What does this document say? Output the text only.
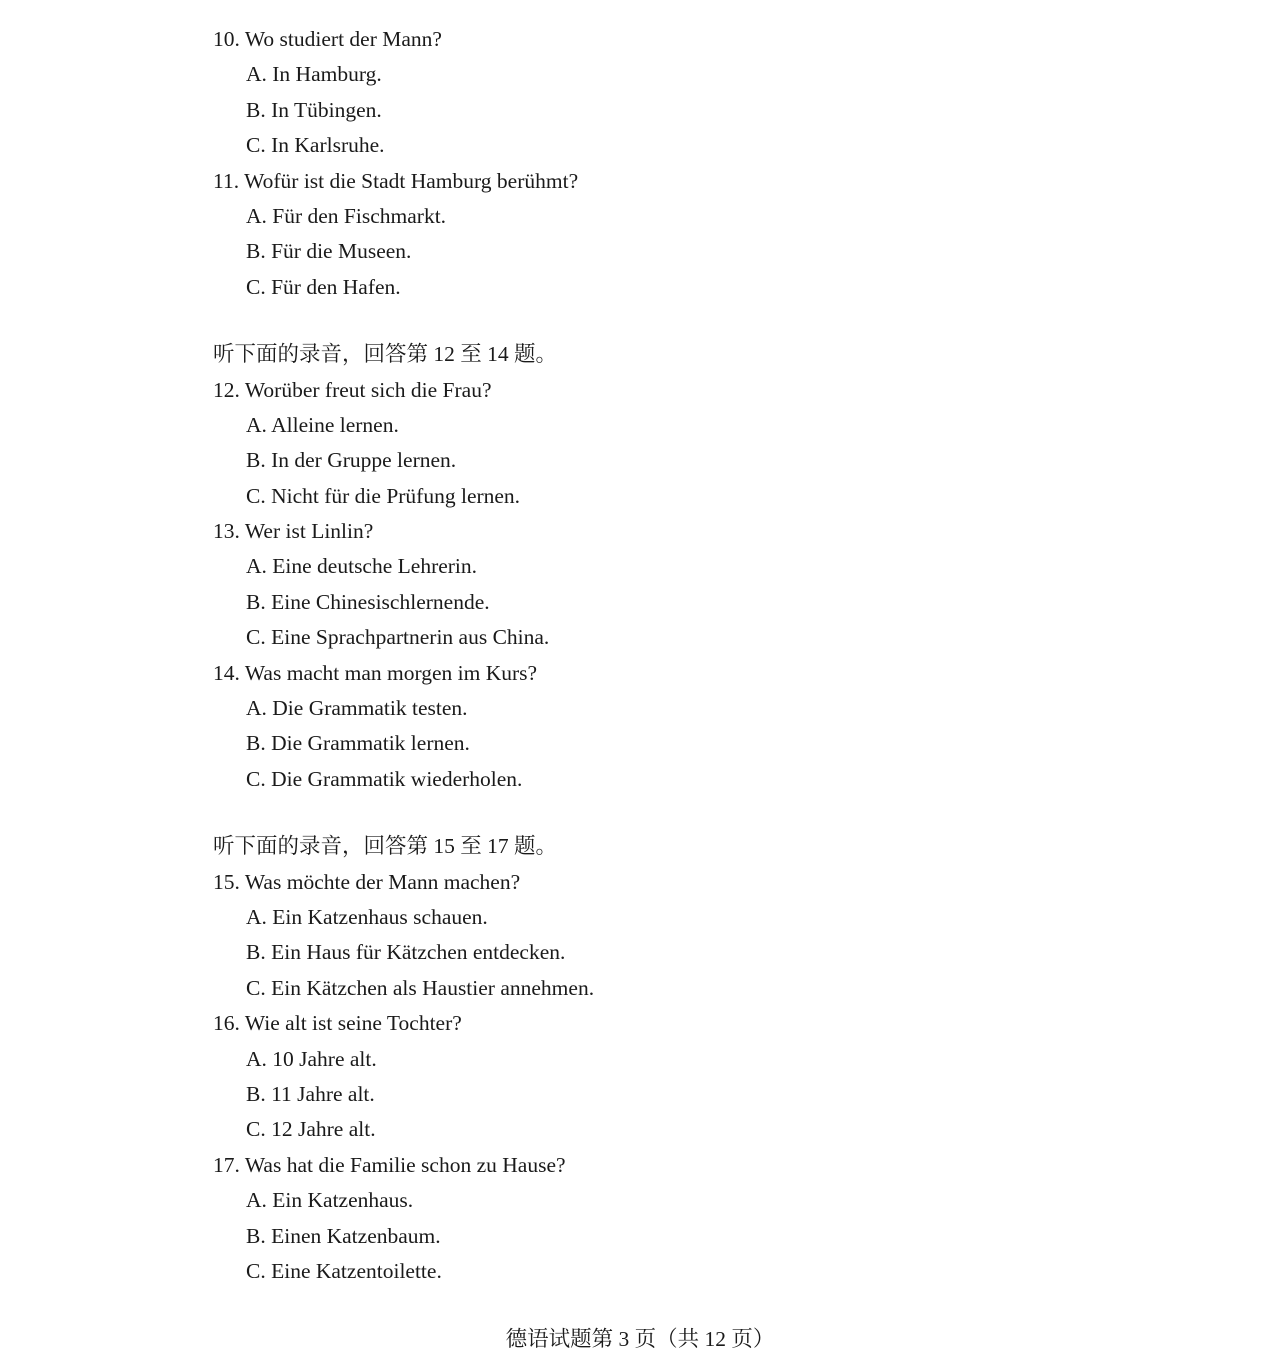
10. Wo studiert der Mann?
A. In Hamburg.
B. In Tübingen.
C. In Karlsruhe.
11. Wofür ist die Stadt Hamburg berühmt?
A. Für den Fischmarkt.
B. Für die Museen.
C. Für den Hafen.
听下面的录音，回答第 12 至 14 题。
12. Worüber freut sich die Frau?
A. Alleine lernen.
B. In der Gruppe lernen.
C. Nicht für die Prüfung lernen.
13. Wer ist Linlin?
A. Eine deutsche Lehrerin.
B. Eine Chinesischlernende.
C. Eine Sprachpartnerin aus China.
14. Was macht man morgen im Kurs?
A. Die Grammatik testen.
B. Die Grammatik lernen.
C. Die Grammatik wiederholen.
听下面的录音，回答第 15 至 17 题。
15. Was möchte der Mann machen?
A. Ein Katzenhaus schauen.
B. Ein Haus für Kätzchen entdecken.
C. Ein Kätzchen als Haustier annehmen.
16. Wie alt ist seine Tochter?
A. 10 Jahre alt.
B. 11 Jahre alt.
C. 12 Jahre alt.
17. Was hat die Familie schon zu Hause?
A. Ein Katzenhaus.
B. Einen Katzenbaum.
C. Eine Katzentoilette.
德语试题第 3 页（共 12 页）
